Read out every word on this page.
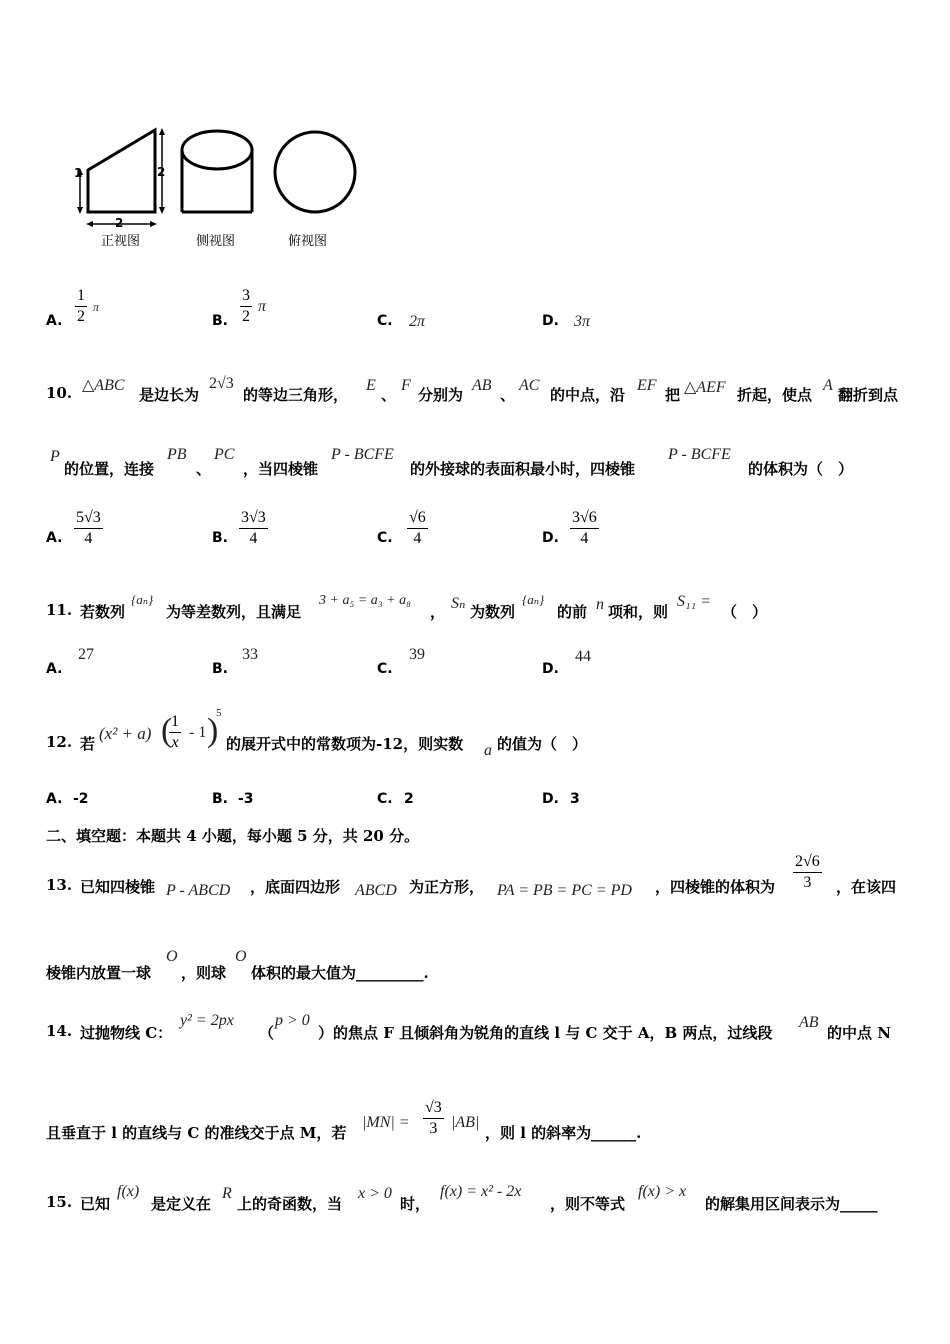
1	2
2
正视图	侧视图	俯视图
A. $\frac{1}{2}$ π
B. $\frac{3}{2}$ π
C. 2π	D. 3π
10. △ABC
是边长为
2√3
的等边三角形，
E
、
F
分别为
AB
、
AC
的中点，沿
EF
把 △AEF 折起，使点
A
翻折到点
P
的位置，连接
PB
、
PC
，当四棱锥
P - BCFE
的外接球的表面积最小时，四棱锥
P - BCFE
的体积为（　）
A. $\frac{5√3}{4}$	B. $\frac{3√3}{4}$	C. $\frac{√6}{4}$	D. $\frac{3√6}{4}$
11. 若数列
{aₙ}
为等差数列，且满足
3 + a₅ = a₃ + a₈
， Sₙ 为数列
{aₙ}
的前 n 项和，则
S₁₁ =
（　）
A.
27
B.
33
C.
39
D.
44
12. 若
(x² + a) (
$\frac{1}{x} - 1$ )
5
的展开式中的常数项为-12，则实数 a 的值为（　）
A. -2	B. -3	C. 2	D. 3
二、填空题：本题共 4 小题，每小题 5 分，共 20 分。
13. 已知四棱锥 P - ABCD ，底面四边形 ABCD 为正方形， PA = PB = PC = PD ，四棱锥的体积为 $\frac{2√6}{3}$ ，在该四
棱锥内放置一球
O
，则球
O
体积的最大值为_________.
14. 过抛物线 C：
y² = 2px
（
p > 0
）的焦点 F 且倾斜角为锐角的直线 l 与 C 交于 A，B 两点，过线段
AB
的中点 N
且垂直于 l 的直线与 C 的准线交于点 M，若
$|MN| = \frac{√3}{3} |AB|$
，则 l 的斜率为______.
15. 已知
f(x)
是定义在
R
上的奇函数，当
x > 0
时，
f(x) = x² - 2x
，则不等式
f(x) > x
的解集用区间表示为_____
